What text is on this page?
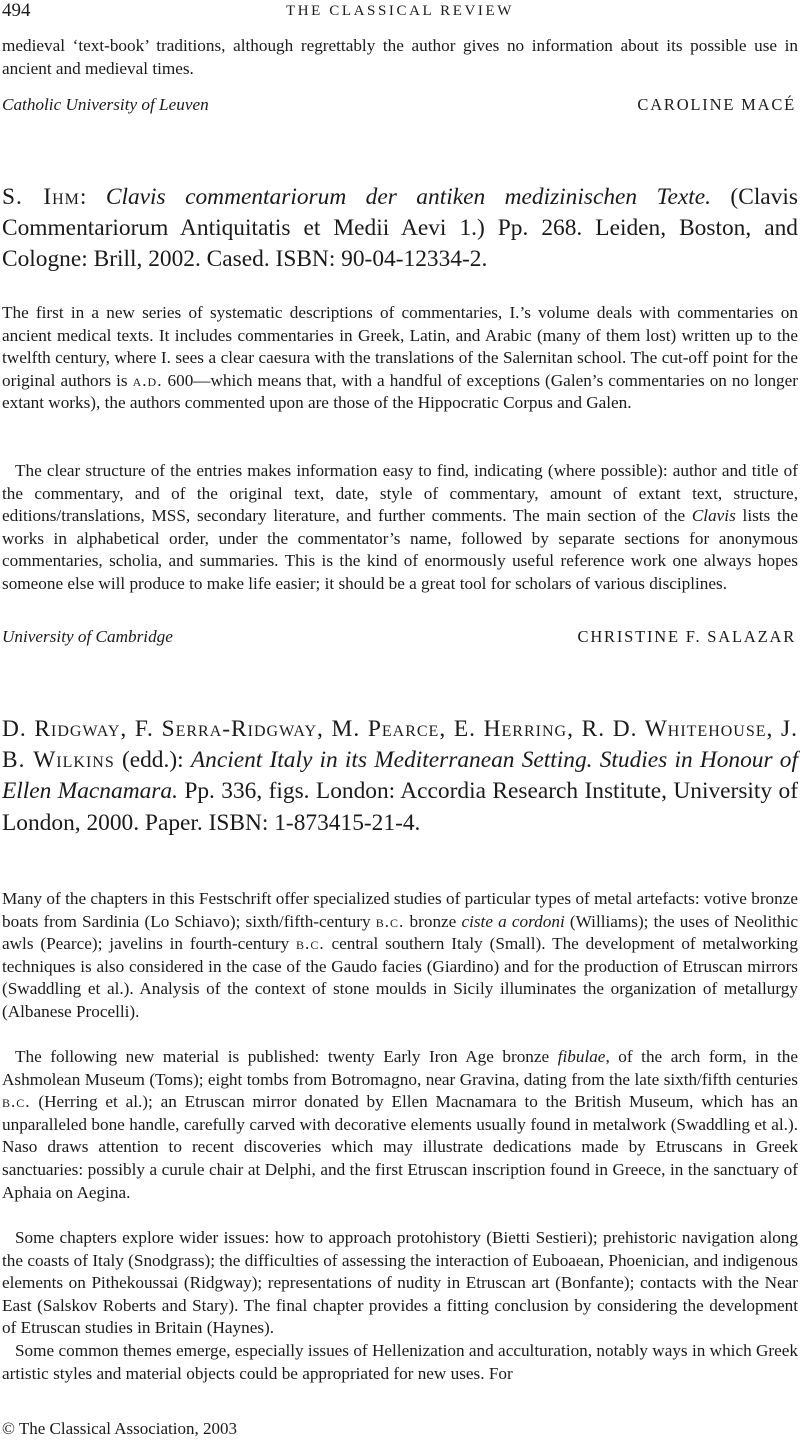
494	THE CLASSICAL REVIEW

medieval ‘text-book’ traditions, although regrettably the author gives no information about its possible use in ancient and medieval times.

Catholic University of Leuven	CAROLINE MACÉ
S. Ihm: Clavis commentariorum der antiken medizinischen Texte. (Clavis Commentariorum Antiquitatis et Medii Aevi 1.) Pp. 268. Leiden, Boston, and Cologne: Brill, 2002. Cased. ISBN: 90-04-12334-2.

The first in a new series of systematic descriptions of commentaries, I.’s volume deals with commentaries on ancient medical texts. It includes commentaries in Greek, Latin, and Arabic (many of them lost) written up to the twelfth century, where I. sees a clear caesura with the translations of the Salernitan school. The cut-off point for the original authors is a.d. 600—which means that, with a handful of exceptions (Galen’s commentaries on no longer extant works), the authors commented upon are those of the Hippocratic Corpus and Galen.

The clear structure of the entries makes information easy to find, indicating (where possible): author and title of the commentary, and of the original text, date, style of commentary, amount of extant text, structure, editions/translations, MSS, secondary literature, and further comments. The main section of the Clavis lists the works in alphabetical order, under the commentator’s name, followed by separate sections for anonymous commentaries, scholia, and summaries. This is the kind of enormously useful reference work one always hopes someone else will produce to make life easier; it should be a great tool for scholars of various disciplines.

University of Cambridge	CHRISTINE F. SALAZAR
D. Ridgway, F. Serra-Ridgway, M. Pearce, E. Herring, R. D. Whitehouse, J. B. Wilkins (edd.): Ancient Italy in its Mediterranean Setting. Studies in Honour of Ellen Macnamara. Pp. 336, figs. London: Accordia Research Institute, University of London, 2000. Paper. ISBN: 1-873415-21-4.

Many of the chapters in this Festschrift offer specialized studies of particular types of metal artefacts: votive bronze boats from Sardinia (Lo Schiavo); sixth/fifth-century b.c. bronze ciste a cordoni (Williams); the uses of Neolithic awls (Pearce); javelins in fourth-century b.c. central southern Italy (Small). The development of metalworking techniques is also considered in the case of the Gaudo facies (Giardino) and for the production of Etruscan mirrors (Swaddling et al.). Analysis of the context of stone moulds in Sicily illuminates the organization of metallurgy (Albanese Procelli).

The following new material is published: twenty Early Iron Age bronze fibulae, of the arch form, in the Ashmolean Museum (Toms); eight tombs from Botromagno, near Gravina, dating from the late sixth/fifth centuries b.c. (Herring et al.); an Etruscan mirror donated by Ellen Macnamara to the British Museum, which has an unparalleled bone handle, carefully carved with decorative elements usually found in metalwork (Swaddling et al.). Naso draws attention to recent discoveries which may illustrate dedications made by Etruscans in Greek sanctuaries: possibly a curule chair at Delphi, and the first Etruscan inscription found in Greece, in the sanctuary of Aphaia on Aegina.

Some chapters explore wider issues: how to approach protohistory (Bietti Sestieri); prehistoric navigation along the coasts of Italy (Snodgrass); the difficulties of assessing the interaction of Euboaean, Phoenician, and indigenous elements on Pithekoussai (Ridgway); representations of nudity in Etruscan art (Bonfante); contacts with the Near East (Salskov Roberts and Stary). The final chapter provides a fitting conclusion by considering the development of Etruscan studies in Britain (Haynes).

Some common themes emerge, especially issues of Hellenization and acculturation, notably ways in which Greek artistic styles and material objects could be appropriated for new uses. For

© The Classical Association, 2003
